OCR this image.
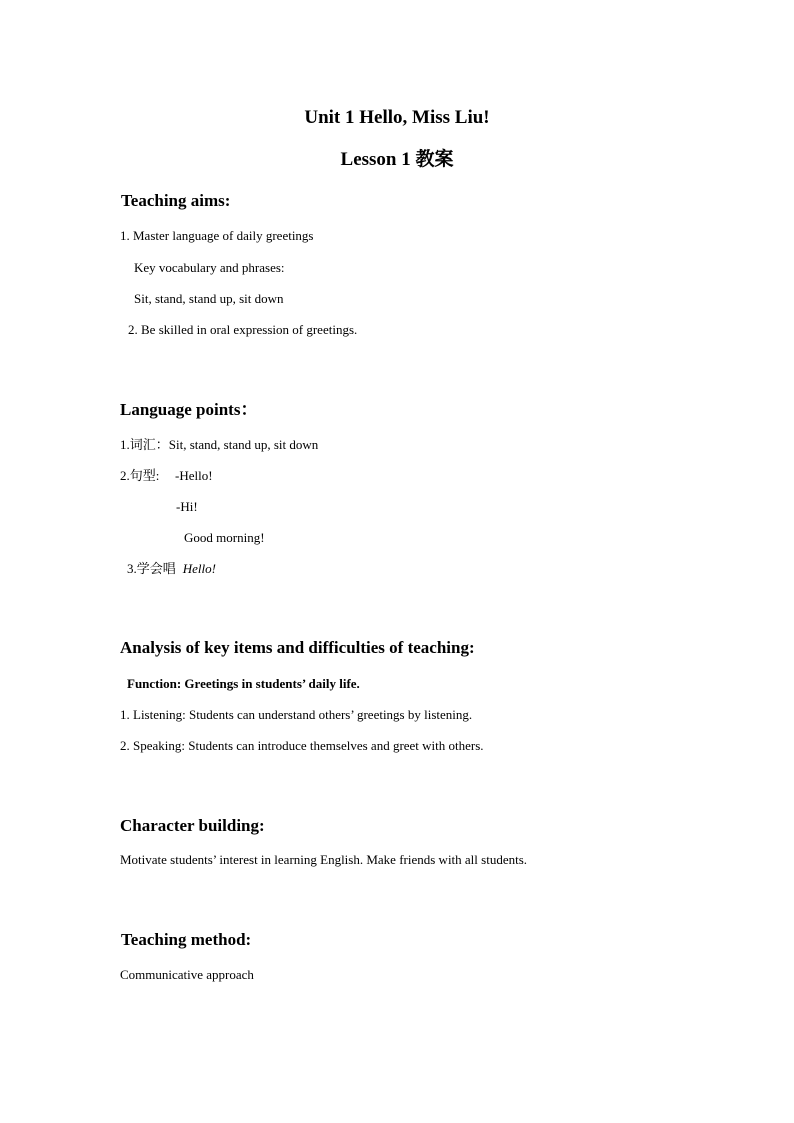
Unit 1 Hello, Miss Liu!
Lesson 1 教案
Teaching aims:
1. Master language of daily greetings
Key vocabulary and phrases:
Sit, stand, stand up, sit down
2. Be skilled in oral expression of greetings.
Language points：
1.词汇：Sit, stand, stand up, sit down
2.句型: -Hello!
-Hi!
Good morning!
3.学会唱 Hello!
Analysis of key items and difficulties of teaching:
Function: Greetings in students’ daily life.
1. Listening: Students can understand others’ greetings by listening.
2. Speaking: Students can introduce themselves and greet with others.
Character building:
Motivate students’ interest in learning English. Make friends with all students.
Teaching method:
Communicative approach
